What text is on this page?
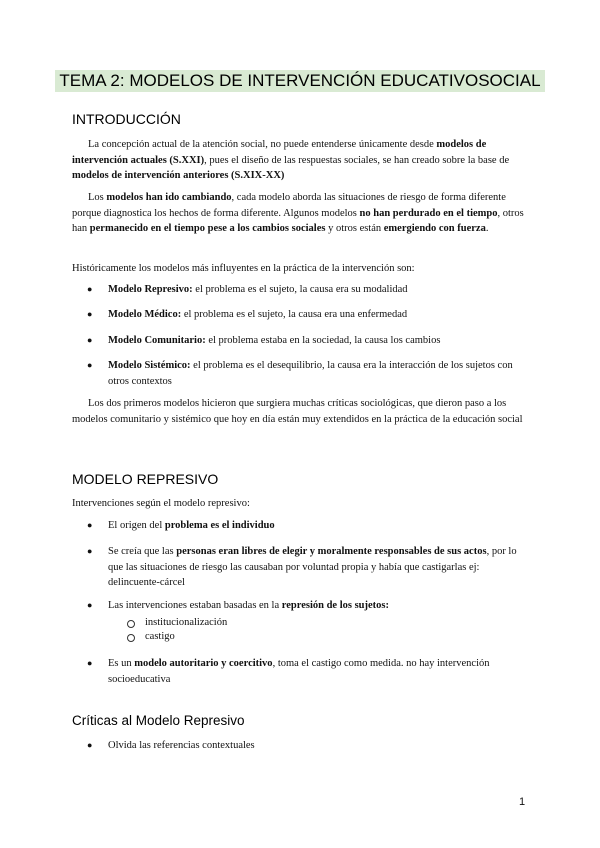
TEMA 2: MODELOS DE INTERVENCIÓN EDUCATIVOSOCIAL
INTRODUCCIÓN
La concepción actual de la atención social, no puede entenderse únicamente desde modelos de intervención actuales (S.XXI), pues el diseño de las respuestas sociales, se han creado sobre la base de modelos de intervención anteriores (S.XIX-XX)
Los modelos han ido cambiando, cada modelo aborda las situaciones de riesgo de forma diferente porque diagnostica los hechos de forma diferente. Algunos modelos no han perdurado en el tiempo, otros han permanecido en el tiempo pese a los cambios sociales y otros están emergiendo con fuerza.
Históricamente los modelos más influyentes en la práctica de la intervención son:
● Modelo Represivo: el problema es el sujeto, la causa era su modalidad
● Modelo Médico: el problema es el sujeto, la causa era una enfermedad
● Modelo Comunitario: el problema estaba en la sociedad, la causa los cambios
● Modelo Sistémico: el problema es el desequilibrio, la causa era la interacción de los sujetos con otros contextos
Los dos primeros modelos hicieron que surgiera muchas críticas sociológicas, que dieron paso a los modelos comunitario y sistémico que hoy en día están muy extendidos en la práctica de la educación social
MODELO REPRESIVO
Intervenciones según el modelo represivo:
● El origen del problema es el individuo
● Se creía que las personas eran libres de elegir y moralmente responsables de sus actos, por lo que las situaciones de riesgo las causaban por voluntad propia y había que castigarlas ej: delincuente-cárcel
● Las intervenciones estaban basadas en la represión de los sujetos:
institucionalización
castigo
● Es un modelo autoritario y coercitivo, toma el castigo como medida. no hay intervención socioeducativa
Críticas al Modelo Represivo
● Olvida las referencias contextuales
1
